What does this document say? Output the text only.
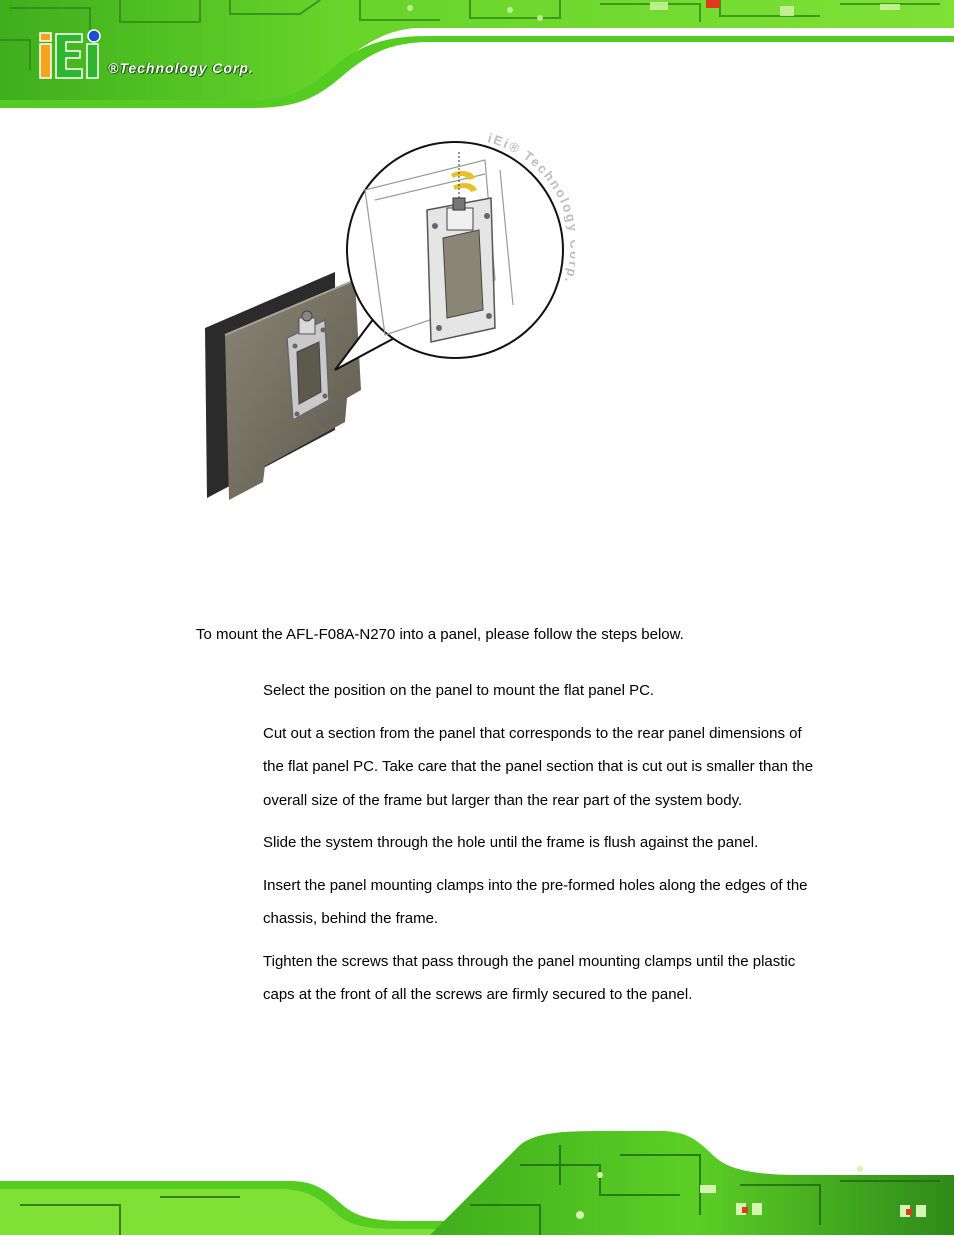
®Technology Corp.
iEi® Technolo
To mount the AFL-F08A-N270 into a panel, please follow the steps below.

Select the position on the panel to mount the flat panel PC.

Cut out a section from the panel that corresponds to the rear panel dimensions of the flat panel PC. Take care that the panel section that is cut out is smaller than the overall size of the frame but larger than the rear part of the system body.

Slide the system through the hole until the frame is flush against the panel.

Insert the panel mounting clamps into the pre-formed holes along the edges of the chassis, behind the frame.

Tighten the screws that pass through the panel mounting clamps until the plastic caps at the front of all the screws are firmly secured to the panel.
